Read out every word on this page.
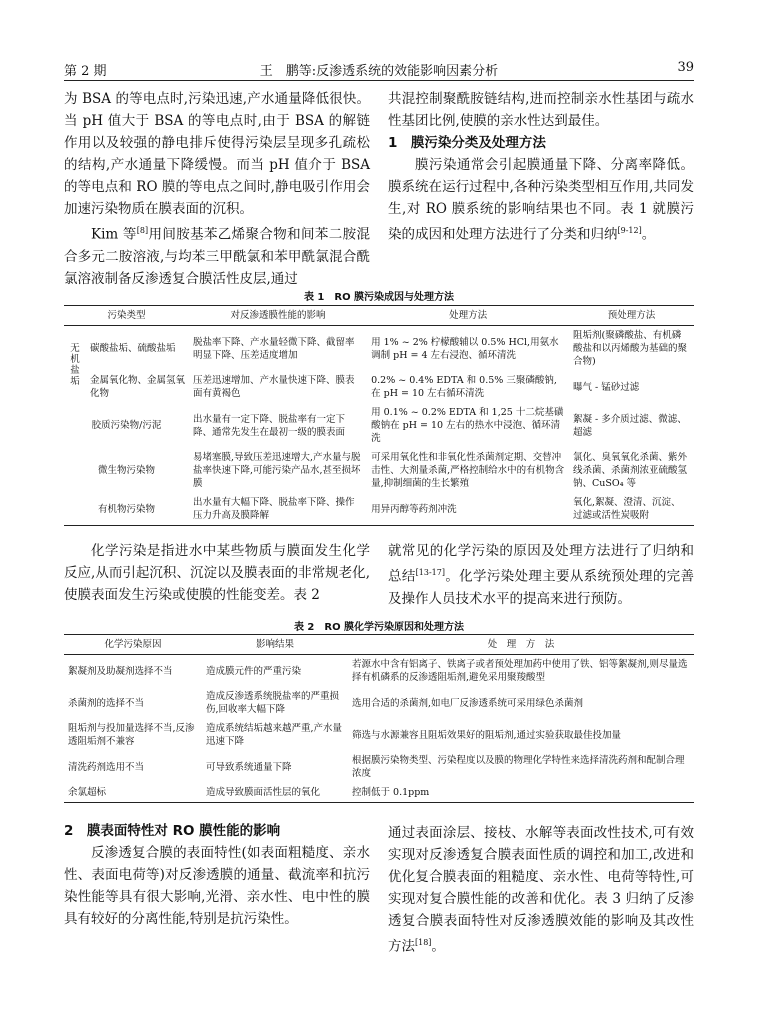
第 2 期	王　鹏等:反渗透系统的效能影响因素分析	39

为 BSA 的等电点时,污染迅速,产水通量降低很快。当 pH 值大于 BSA 的等电点时,由于 BSA 的解链作用以及较强的静电排斥使得污染层呈现多孔疏松的结构,产水通量下降缓慢。而当 pH 值介于 BSA 的等电点和 RO 膜的等电点之间时,静电吸引作用会加速污染物质在膜表面的沉积。

Kim 等[8]用间胺基苯乙烯聚合物和间苯二胺混合多元二胺溶液,与均苯三甲酰氯和苯甲酰氯混合酰氯溶液制备反渗透复合膜活性皮层,通过

共混控制聚酰胺链结构,进而控制亲水性基团与疏水性基团比例,使膜的亲水性达到最佳。

1　膜污染分类及处理方法

膜污染通常会引起膜通量下降、分离率降低。膜系统在运行过程中,各种污染类型相互作用,共同发生,对 RO 膜系统的影响结果也不同。表 1 就膜污染的成因和处理方法进行了分类和归纳[9-12]。

表 1　RO 膜污染成因与处理方法
污染类型		对反渗透膜性能的影响	处理方法	预处理方法
无机盐垢	碳酸盐垢、硫酸盐垢	脱盐率下降、产水量轻微下降、截留率明显下降、压差适度增加	用 1% ~ 2% 柠檬酸辅以 0.5% HCl,用氨水调制 pH = 4 左右浸泡、循环清洗	阻垢剂(聚磷酸盐、有机磷酸盐和以丙烯酸为基础的聚合物)
	金属氧化物、金属氢氧化物	压差迅速增加、产水量快速下降、膜表面有黄褐色	0.2% ~ 0.4% EDTA 和 0.5% 三聚磷酸钠,在 pH = 10 左右循环清洗	曝气 - 锰砂过滤
胶质污染物/污泥		出水量有一定下降、脱盐率有一定下降、通常先发生在最初一级的膜表面	用 0.1% ~ 0.2% EDTA 和 1,25 十二烷基磺酸钠在 pH = 10 左右的热水中浸泡、循环清洗	絮凝 - 多介质过滤、微滤、超滤
微生物污染物		易堵塞膜,导致压差迅速增大,产水量与脱盐率快速下降,可能污染产品水,甚至损坏膜	可采用氧化性和非氧化性杀菌剂定期、交替冲击性、大剂量杀菌,严格控制给水中的有机物含量,抑制细菌的生长繁殖	氯化、臭氧氧化杀菌、紫外线杀菌、杀菌剂浓亚硫酸氢钠、CuSO₄ 等
有机物污染物		出水量有大幅下降、脱盐率下降、操作压力升高及膜降解	用异丙醇等药剂冲洗	氧化,絮凝、澄清、沉淀、过滤或活性炭吸附

化学污染是指进水中某些物质与膜面发生化学反应,从而引起沉积、沉淀以及膜表面的非常规老化,使膜表面发生污染或使膜的性能变差。表 2

就常见的化学污染的原因及处理方法进行了归纳和总结[13-17]。化学污染处理主要从系统预处理的完善及操作人员技术水平的提高来进行预防。

表 2　RO 膜化学污染原因和处理方法
化学污染原因	影响结果	处　理　方　法
絮凝剂及助凝剂选择不当	造成膜元件的严重污染	若源水中含有铝离子、铁离子或者预处理加药中使用了铁、铝等絮凝剂,则尽量选择有机磷系的反渗透阻垢剂,避免采用聚羧酸型
杀菌剂的选择不当	造成反渗透系统脱盐率的严重损伤,回收率大幅下降	选用合适的杀菌剂,如电厂反渗透系统可采用绿色杀菌剂
阻垢剂与投加量选择不当,反渗透阻垢剂不兼容	造成系统结垢越来越严重,产水量迅速下降	筛选与水源兼容且阻垢效果好的阻垢剂,通过实验获取最佳投加量
清洗药剂选用不当	可导致系统通量下降	根据膜污染物类型、污染程度以及膜的物理化学特性来选择清洗药剂和配制合理浓度
余氯超标	造成导致膜面活性层的氧化	控制低于 0.1ppm

2　膜表面特性对 RO 膜性能的影响

反渗透复合膜的表面特性(如表面粗糙度、亲水性、表面电荷等)对反渗透膜的通量、截流率和抗污染性能等具有很大影响,光滑、亲水性、电中性的膜具有较好的分离性能,特别是抗污染性。

通过表面涂层、接枝、水解等表面改性技术,可有效实现对反渗透复合膜表面性质的调控和加工,改进和优化复合膜表面的粗糙度、亲水性、电荷等特性,可实现对复合膜性能的改善和优化。表 3 归纳了反渗透复合膜表面特性对反渗透膜效能的影响及其改性方法[18]。
